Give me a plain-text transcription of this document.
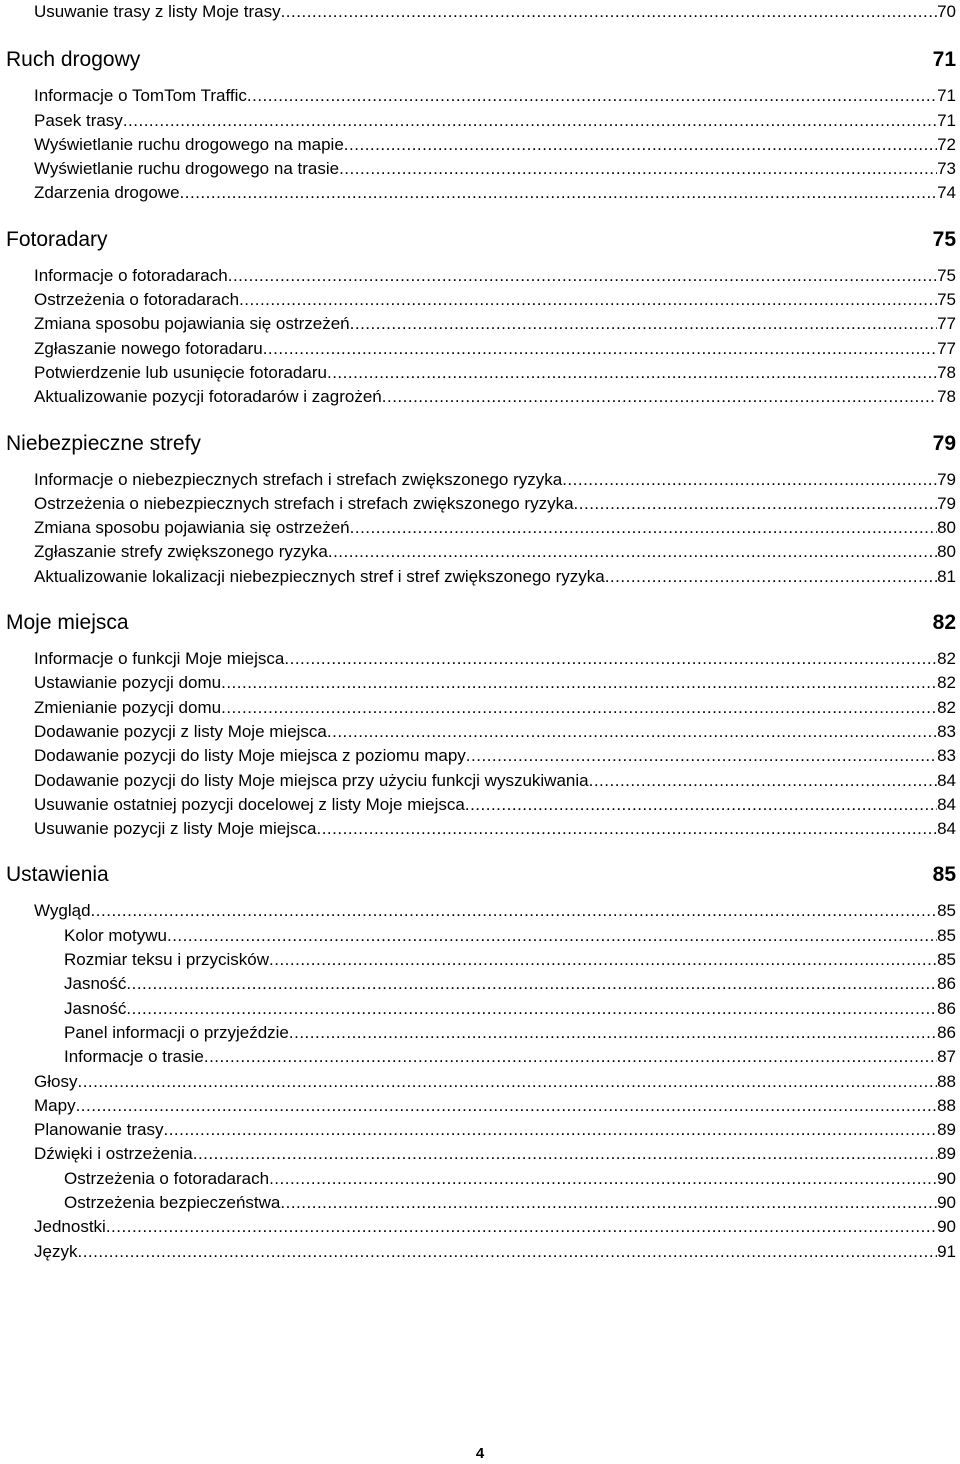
Usuwanie trasy z listy Moje trasy .....	70
Ruch drogowy	71
Informacje o TomTom Traffic .....	71
Pasek trasy .....	71
Wyświetlanie ruchu drogowego na mapie .....	72
Wyświetlanie ruchu drogowego na trasie .....	73
Zdarzenia drogowe .....	74
Fotoradary	75
Informacje o fotoradarach .....	75
Ostrzeżenia o fotoradarach .....	75
Zmiana sposobu pojawiania się ostrzeżeń .....	77
Zgłaszanie nowego fotoradaru .....	77
Potwierdzenie lub usunięcie fotoradaru .....	78
Aktualizowanie pozycji fotoradarów i zagrożeń .....	78
Niebezpieczne strefy	79
Informacje o niebezpiecznych strefach i strefach zwiększonego ryzyka .....	79
Ostrzeżenia o niebezpiecznych strefach i strefach zwiększonego ryzyka .....	79
Zmiana sposobu pojawiania się ostrzeżeń .....	80
Zgłaszanie strefy zwiększonego ryzyka .....	80
Aktualizowanie lokalizacji niebezpiecznych stref i stref zwiększonego ryzyka .....	81
Moje miejsca	82
Informacje o funkcji Moje miejsca .....	82
Ustawianie pozycji domu .....	82
Zmienianie pozycji domu .....	82
Dodawanie pozycji z listy Moje miejsca .....	83
Dodawanie pozycji do listy Moje miejsca z poziomu mapy .....	83
Dodawanie pozycji do listy Moje miejsca przy użyciu funkcji wyszukiwania .....	84
Usuwanie ostatniej pozycji docelowej z listy Moje miejsca .....	84
Usuwanie pozycji z listy Moje miejsca .....	84
Ustawienia	85
Wygląd .....	85
Kolor motywu .....	85
Rozmiar teksu i przycisków .....	85
Jasność .....	86
Jasność .....	86
Panel informacji o przyjeździe .....	86
Informacje o trasie .....	87
Głosy .....	88
Mapy .....	88
Planowanie trasy .....	89
Dźwięki i ostrzeżenia .....	89
Ostrzeżenia o fotoradarach .....	90
Ostrzeżenia bezpieczeństwa .....	90
Jednostki .....	90
Język .....	91
4
